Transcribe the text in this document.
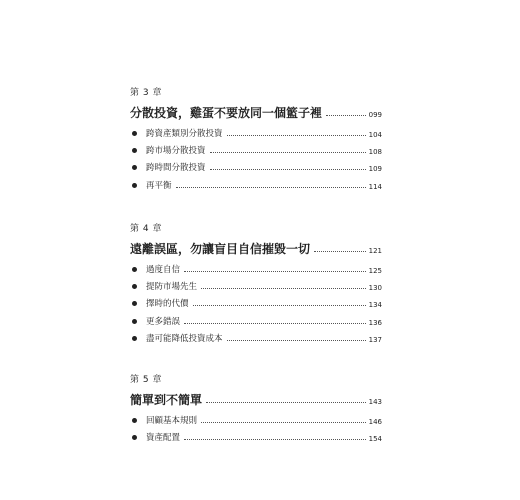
第 3 章
分散投資，雞蛋不要放同一個籃子裡	099
跨資產類別分散投資	104
跨市場分散投資	108
跨時間分散投資	109
再平衡	114
第 4 章
遠離誤區，勿讓盲目自信摧毀一切	121
過度自信	125
提防市場先生	130
擇時的代價	134
更多錯誤	136
盡可能降低投資成本	137
第 5 章
簡單到不簡單	143
回顧基本規則	146
資產配置	154
